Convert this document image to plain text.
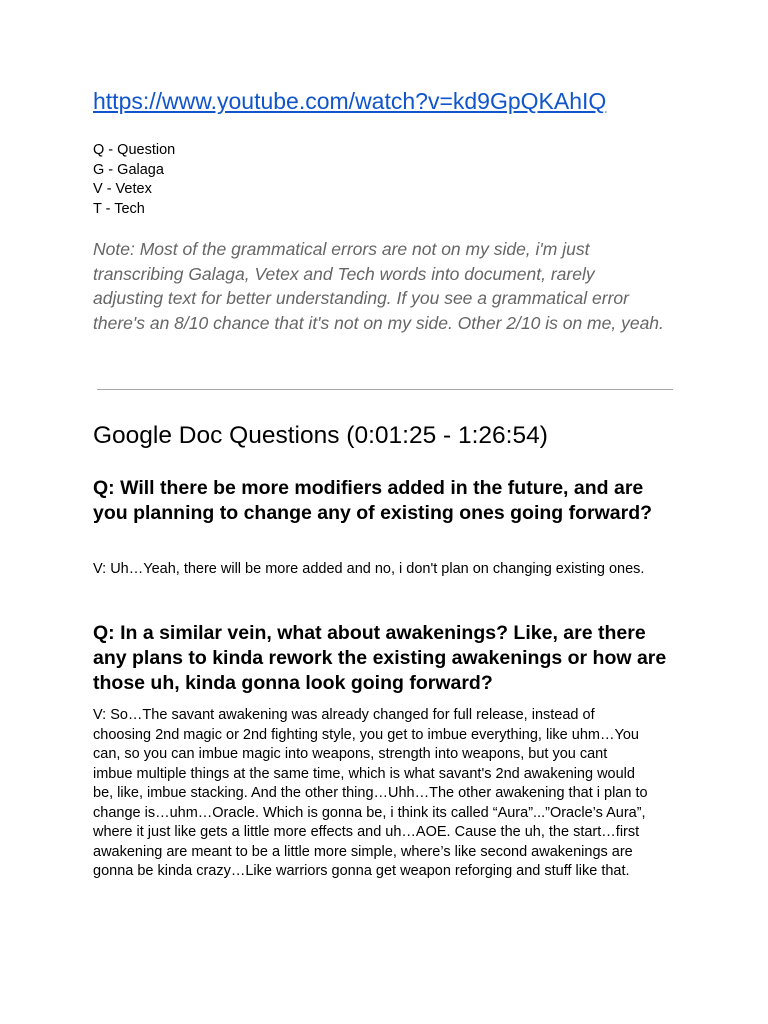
https://www.youtube.com/watch?v=kd9GpQKAhIQ
Q - Question
G - Galaga
V - Vetex
T - Tech
Note: Most of the grammatical errors are not on my side, i'm just transcribing Galaga, Vetex and Tech words into document, rarely adjusting text for better understanding. If you see a grammatical error there's an 8/10 chance that it's not on my side. Other 2/10 is on me, yeah.
Google Doc Questions (0:01:25 - 1:26:54)
Q: Will there be more modifiers added in the future, and are you planning to change any of existing ones going forward?
V: Uh…Yeah, there will be more added and no, i don't plan on changing existing ones.
Q: In a similar vein, what about awakenings? Like, are there any plans to kinda rework the existing awakenings or how are those uh, kinda gonna look going forward?
V: So…The savant awakening was already changed for full release, instead of choosing 2nd magic or 2nd fighting style, you get to imbue everything, like uhm…You can, so you can imbue magic into weapons, strength into weapons, but you cant imbue multiple things at the same time, which is what savant's 2nd awakening would be, like, imbue stacking. And the other thing…Uhh…The other awakening that i plan to change is…uhm…Oracle. Which is gonna be, i think its called “Aura”...”Oracle’s Aura”, where it just like gets a little more effects and uh…AOE. Cause the uh, the start…first awakening are meant to be a little more simple, where’s like second awakenings are gonna be kinda crazy…Like warriors gonna get weapon reforging and stuff like that.
